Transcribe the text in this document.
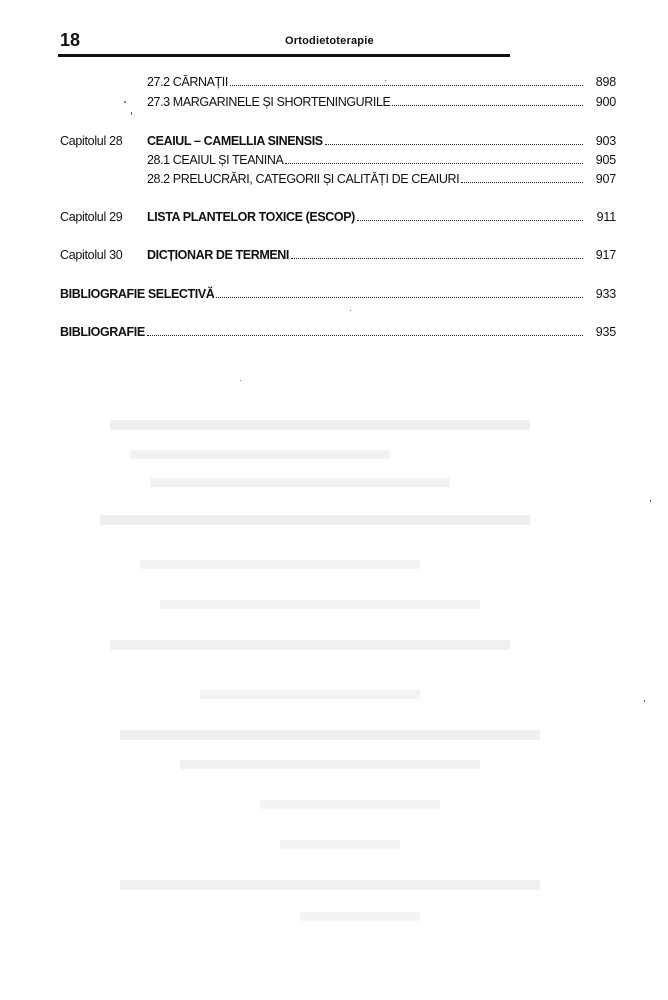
18	Ortodietoterapie
27.2 CĂRNAȚII	898
27.3 MARGARINELE ȘI SHORTENINGURILE	900
Capitolul 28	CEAIUL – CAMELLIA SINENSIS	903
28.1 CEAIUL ȘI TEANINA	905
28.2 PRELUCRĂRI, CATEGORII ȘI CALITĂȚI DE CEAIURI	907
Capitolul 29	LISTA PLANTELOR TOXICE (ESCOP)	911
Capitolul 30	DICȚIONAR DE TERMENI	917
BIBLIOGRAFIE SELECTIVĂ	933
BIBLIOGRAFIE	935
